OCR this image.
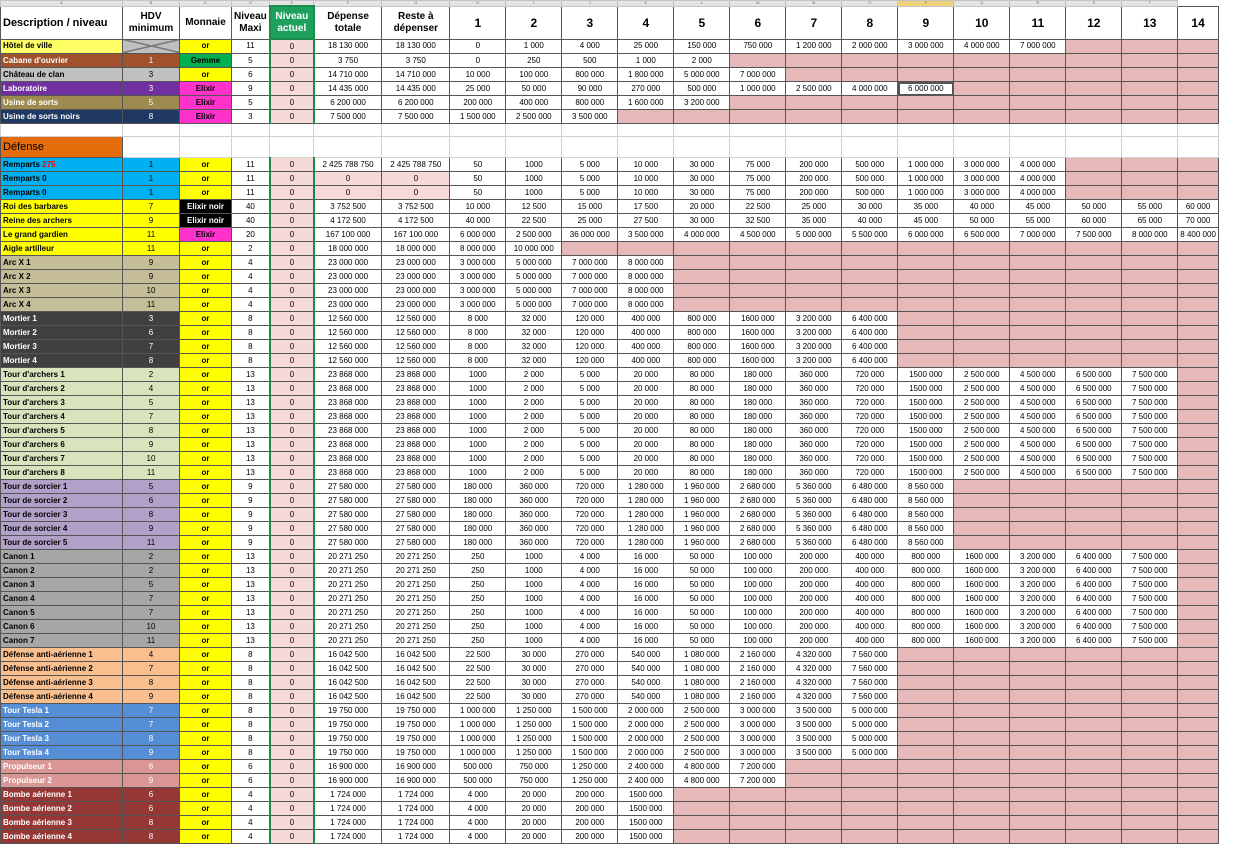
A	B	C	D	E	F	G	H	I	J	K	L	M	N	O	P	Q	R	S	T	
Description / niveau	HDV minimum	Monnaie	Niveau Maxi	Niveau actuel	Dépense totale	Reste à dépenser	1	2	3	4	5	6	7	8	9	10	11	12	13	14
Hôtel de ville		or	11	0	18 130 000	18 130 000	0	1 000	4 000	25 000	150 000	750 000	1 200 000	2 000 000	3 000 000	4 000 000	7 000 000			
Cabane d'ouvrier	1	Gemme	5	0	3 750	3 750	0	250	500	1 000	2 000									
Château de clan	3	or	6	0	14 710 000	14 710 000	10 000	100 000	800 000	1 800 000	5 000 000	7 000 000								
Laboratoire	3	Elixir	9	0	14 435 000	14 435 000	25 000	50 000	90 000	270 000	500 000	1 000 000	2 500 000	4 000 000	6 000 000					
Usine de sorts	5	Elixir	5	0	6 200 000	6 200 000	200 000	400 000	800 000	1 600 000	3 200 000									
Usine de sorts noirs	8	Elixir	3	0	7 500 000	7 500 000	1 500 000	2 500 000	3 500 000											

Défense																				
Remparts 275	1	or	11	0	2 425 788 750	2 425 788 750	50	1000	5 000	10 000	30 000	75 000	200 000	500 000	1 000 000	3 000 000	4 000 000			
Remparts 0	1	or	11	0	0	0	50	1000	5 000	10 000	30 000	75 000	200 000	500 000	1 000 000	3 000 000	4 000 000			
Remparts 0	1	or	11	0	0	0	50	1000	5 000	10 000	30 000	75 000	200 000	500 000	1 000 000	3 000 000	4 000 000			
Roi des barbares	7	Elixir noir	40	0	3 752 500	3 752 500	10 000	12 500	15 000	17 500	20 000	22 500	25 000	30 000	35 000	40 000	45 000	50 000	55 000	60 000
Reine des archers	9	Elixir noir	40	0	4 172 500	4 172 500	40 000	22 500	25 000	27 500	30 000	32 500	35 000	40 000	45 000	50 000	55 000	60 000	65 000	70 000
Le grand gardien	11	Elixir	20	0	167 100 000	167 100 000	6 000 000	2 500 000	36 000 000	3 500 000	4 000 000	4 500 000	5 000 000	5 500 000	6 000 000	6 500 000	7 000 000	7 500 000	8 000 000	8 400 000
Aigle artilleur	11	or	2	0	18 000 000	18 000 000	8 000 000	10 000 000												
Arc X 1	9	or	4	0	23 000 000	23 000 000	3 000 000	5 000 000	7 000 000	8 000 000										
Arc X 2	9	or	4	0	23 000 000	23 000 000	3 000 000	5 000 000	7 000 000	8 000 000										
Arc X 3	10	or	4	0	23 000 000	23 000 000	3 000 000	5 000 000	7 000 000	8 000 000										
Arc X 4	11	or	4	0	23 000 000	23 000 000	3 000 000	5 000 000	7 000 000	8 000 000										
Mortier 1	3	or	8	0	12 560 000	12 560 000	8 000	32 000	120 000	400 000	800 000	1600 000	3 200 000	6 400 000						
Mortier 2	6	or	8	0	12 560 000	12 560 000	8 000	32 000	120 000	400 000	800 000	1600 000	3 200 000	6 400 000						
Mortier 3	7	or	8	0	12 560 000	12 560 000	8 000	32 000	120 000	400 000	800 000	1600 000	3 200 000	6 400 000						
Mortier 4	8	or	8	0	12 560 000	12 560 000	8 000	32 000	120 000	400 000	800 000	1600 000	3 200 000	6 400 000						
Tour d'archers 1	2	or	13	0	23 868 000	23 868 000	1000	2 000	5 000	20 000	80 000	180 000	360 000	720 000	1500 000	2 500 000	4 500 000	6 500 000	7 500 000	
Tour d'archers 2	4	or	13	0	23 868 000	23 868 000	1000	2 000	5 000	20 000	80 000	180 000	360 000	720 000	1500 000	2 500 000	4 500 000	6 500 000	7 500 000	
Tour d'archers 3	5	or	13	0	23 868 000	23 868 000	1000	2 000	5 000	20 000	80 000	180 000	360 000	720 000	1500 000	2 500 000	4 500 000	6 500 000	7 500 000	
Tour d'archers 4	7	or	13	0	23 868 000	23 868 000	1000	2 000	5 000	20 000	80 000	180 000	360 000	720 000	1500 000	2 500 000	4 500 000	6 500 000	7 500 000	
Tour d'archers 5	8	or	13	0	23 868 000	23 868 000	1000	2 000	5 000	20 000	80 000	180 000	360 000	720 000	1500 000	2 500 000	4 500 000	6 500 000	7 500 000	
Tour d'archers 6	9	or	13	0	23 868 000	23 868 000	1000	2 000	5 000	20 000	80 000	180 000	360 000	720 000	1500 000	2 500 000	4 500 000	6 500 000	7 500 000	
Tour d'archers 7	10	or	13	0	23 868 000	23 868 000	1000	2 000	5 000	20 000	80 000	180 000	360 000	720 000	1500 000	2 500 000	4 500 000	6 500 000	7 500 000	
Tour d'archers 8	11	or	13	0	23 868 000	23 868 000	1000	2 000	5 000	20 000	80 000	180 000	360 000	720 000	1500 000	2 500 000	4 500 000	6 500 000	7 500 000	
Tour de sorcier 1	5	or	9	0	27 580 000	27 580 000	180 000	360 000	720 000	1 280 000	1 960 000	2 680 000	5 360 000	6 480 000	8 560 000					
Tour de sorcier 2	6	or	9	0	27 580 000	27 580 000	180 000	360 000	720 000	1 280 000	1 960 000	2 680 000	5 360 000	6 480 000	8 560 000					
Tour de sorcier 3	8	or	9	0	27 580 000	27 580 000	180 000	360 000	720 000	1 280 000	1 960 000	2 680 000	5 360 000	6 480 000	8 560 000					
Tour de sorcier 4	9	or	9	0	27 580 000	27 580 000	180 000	360 000	720 000	1 280 000	1 960 000	2 680 000	5 360 000	6 480 000	8 560 000					
Tour de sorcier 5	11	or	9	0	27 580 000	27 580 000	180 000	360 000	720 000	1 280 000	1 960 000	2 680 000	5 360 000	6 480 000	8 560 000					
Canon 1	2	or	13	0	20 271 250	20 271 250	250	1000	4 000	16 000	50 000	100 000	200 000	400 000	800 000	1600 000	3 200 000	6 400 000	7 500 000	
Canon 2	2	or	13	0	20 271 250	20 271 250	250	1000	4 000	16 000	50 000	100 000	200 000	400 000	800 000	1600 000	3 200 000	6 400 000	7 500 000	
Canon 3	5	or	13	0	20 271 250	20 271 250	250	1000	4 000	16 000	50 000	100 000	200 000	400 000	800 000	1600 000	3 200 000	6 400 000	7 500 000	
Canon 4	7	or	13	0	20 271 250	20 271 250	250	1000	4 000	16 000	50 000	100 000	200 000	400 000	800 000	1600 000	3 200 000	6 400 000	7 500 000	
Canon 5	7	or	13	0	20 271 250	20 271 250	250	1000	4 000	16 000	50 000	100 000	200 000	400 000	800 000	1600 000	3 200 000	6 400 000	7 500 000	
Canon 6	10	or	13	0	20 271 250	20 271 250	250	1000	4 000	16 000	50 000	100 000	200 000	400 000	800 000	1600 000	3 200 000	6 400 000	7 500 000	
Canon 7	11	or	13	0	20 271 250	20 271 250	250	1000	4 000	16 000	50 000	100 000	200 000	400 000	800 000	1600 000	3 200 000	6 400 000	7 500 000	
Défense anti-aérienne 1	4	or	8	0	16 042 500	16 042 500	22 500	30 000	270 000	540 000	1 080 000	2 160 000	4 320 000	7 560 000						
Défense anti-aérienne 2	7	or	8	0	16 042 500	16 042 500	22 500	30 000	270 000	540 000	1 080 000	2 160 000	4 320 000	7 560 000						
Défense anti-aérienne 3	8	or	8	0	16 042 500	16 042 500	22 500	30 000	270 000	540 000	1 080 000	2 160 000	4 320 000	7 560 000						
Défense anti-aérienne 4	9	or	8	0	16 042 500	16 042 500	22 500	30 000	270 000	540 000	1 080 000	2 160 000	4 320 000	7 560 000						
Tour Tesla 1	7	or	8	0	19 750 000	19 750 000	1 000 000	1 250 000	1 500 000	2 000 000	2 500 000	3 000 000	3 500 000	5 000 000						
Tour Tesla 2	7	or	8	0	19 750 000	19 750 000	1 000 000	1 250 000	1 500 000	2 000 000	2 500 000	3 000 000	3 500 000	5 000 000						
Tour Tesla 3	8	or	8	0	19 750 000	19 750 000	1 000 000	1 250 000	1 500 000	2 000 000	2 500 000	3 000 000	3 500 000	5 000 000						
Tour Tesla 4	9	or	8	0	19 750 000	19 750 000	1 000 000	1 250 000	1 500 000	2 000 000	2 500 000	3 000 000	3 500 000	5 000 000						
Propulseur 1	6	or	6	0	16 900 000	16 900 000	500 000	750 000	1 250 000	2 400 000	4 800 000	7 200 000								
Propulseur 2	9	or	6	0	16 900 000	16 900 000	500 000	750 000	1 250 000	2 400 000	4 800 000	7 200 000								
Bombe aérienne 1	6	or	4	0	1 724 000	1 724 000	4 000	20 000	200 000	1500 000										
Bombe aérienne 2	6	or	4	0	1 724 000	1 724 000	4 000	20 000	200 000	1500 000										
Bombe aérienne 3	8	or	4	0	1 724 000	1 724 000	4 000	20 000	200 000	1500 000										
Bombe aérienne 4	8	or	4	0	1 724 000	1 724 000	4 000	20 000	200 000	1500 000										
